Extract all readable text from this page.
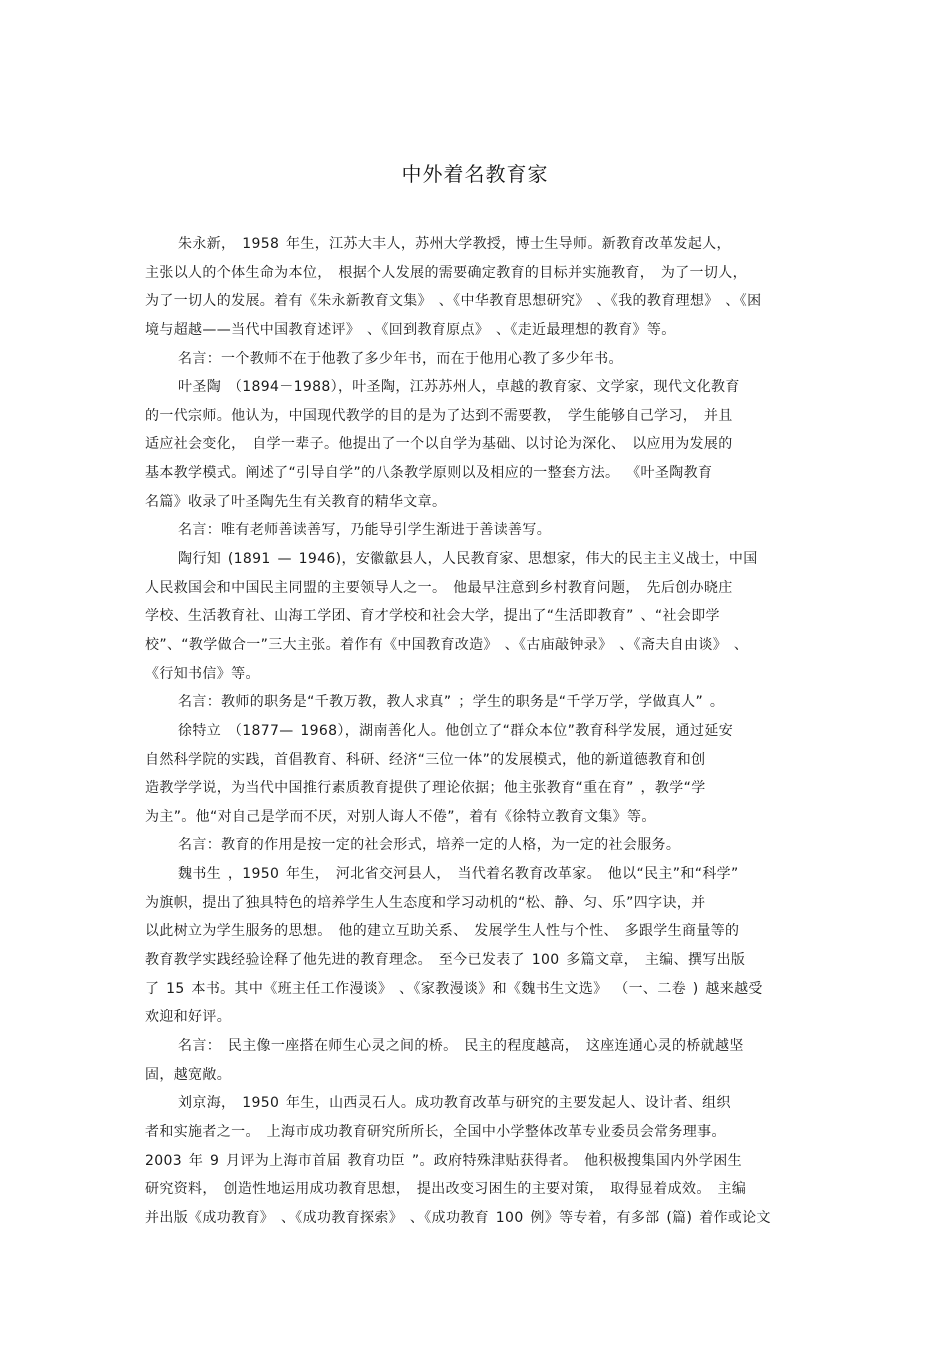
中外着名教育家
朱永新， 1958 年生，江苏大丰人，苏州大学教授，博士生导师。新教育改革发起人，
主张以人的个体生命为本位， 根据个人发展的需要确定教育的目标并实施教育， 为了一切人，
为了一切人的发展。着有《朱永新教育文集》 、《中华教育思想研究》 、《我的教育理想》 、《困
境与超越——当代中国教育述评》 、《回到教育原点》 、《走近最理想的教育》等。
名言：一个教师不在于他教了多少年书，而在于他用心教了多少年书。
叶圣陶 （1894－1988），叶圣陶，江苏苏州人，卓越的教育家、文学家，现代文化教育
的一代宗师。他认为，中国现代教学的目的是为了达到不需要教， 学生能够自己学习， 并且
适应社会变化， 自学一辈子。他提出了一个以自学为基础、以讨论为深化、 以应用为发展的
基本教学模式。阐述了“引导自学”的八条教学原则以及相应的一整套方法。 《叶圣陶教育
名篇》收录了叶圣陶先生有关教育的精华文章。
名言：唯有老师善读善写，乃能导引学生渐进于善读善写。
陶行知 (1891 — 1946)，安徽歙县人，人民教育家、思想家，伟大的民主主义战士，中国
人民救国会和中国民主同盟的主要领导人之一。 他最早注意到乡村教育问题， 先后创办晓庄
学校、生活教育社、山海工学团、育才学校和社会大学，提出了“生活即教育” 、“社会即学
校”、“教学做合一”三大主张。着作有《中国教育改造》 、《古庙敲钟录》 、《斋夫自由谈》 、
《行知书信》等。
名言：教师的职务是“千教万教，教人求真” ；学生的职务是“千学万学，学做真人” 。
徐特立 （1877— 1968），湖南善化人。他创立了“群众本位”教育科学发展，通过延安
自然科学院的实践，首倡教育、科研、经济“三位一体”的发展模式，他的新道德教育和创
造教学学说，为当代中国推行素质教育提供了理论依据；他主张教育“重在育” ，教学“学
为主”。他“对自己是学而不厌，对别人诲人不倦”，着有《徐特立教育文集》等。
名言：教育的作用是按一定的社会形式，培养一定的人格，为一定的社会服务。
魏书生 ，1950 年生， 河北省交河县人， 当代着名教育改革家。 他以“民主”和“科学”
为旗帜，提出了独具特色的培养学生人生态度和学习动机的“松、静、匀、乐”四字诀，并
以此树立为学生服务的思想。 他的建立互助关系、 发展学生人性与个性、 多跟学生商量等的
教育教学实践经验诠释了他先进的教育理念。 至今已发表了 100 多篇文章， 主编、撰写出版
了 15 本书。其中《班主任工作漫谈》 、《家教漫谈》和《魏书生文选》 （一、二卷 ) 越来越受
欢迎和好评。
名言： 民主像一座搭在师生心灵之间的桥。 民主的程度越高， 这座连通心灵的桥就越坚
固，越宽敞。
刘京海， 1950 年生，山西灵石人。成功教育改革与研究的主要发起人、设计者、组织
者和实施者之一。 上海市成功教育研究所所长，全国中小学整体改革专业委员会常务理事。
2003 年 9 月评为上海市首届 教育功臣 ”。政府特殊津贴获得者。 他积极搜集国内外学困生
研究资料， 创造性地运用成功教育思想， 提出改变习困生的主要对策， 取得显着成效。 主编
并出版《成功教育》 、《成功教育探索》 、《成功教育 100 例》等专着，有多部 (篇) 着作或论文
